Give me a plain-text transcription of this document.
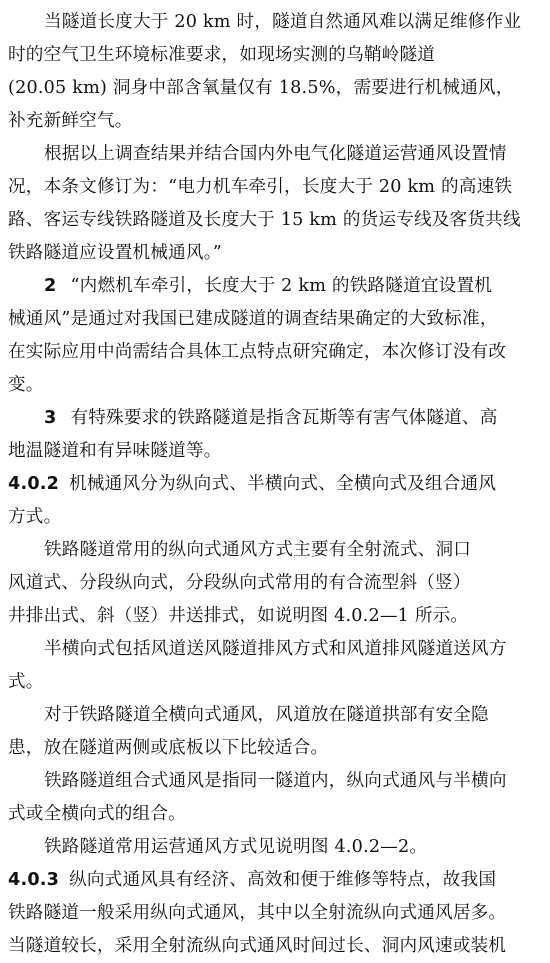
当隧道长度大于 20 km 时，隧道自然通风难以满足维修作业
时的空气卫生环境标准要求，如现场实测的乌鞘岭隧道
(20.05 km) 洞身中部含氧量仅有 18.5%，需要进行机械通风，
补充新鲜空气。
根据以上调查结果并结合国内外电气化隧道运营通风设置情
况，本条文修订为：“电力机车牵引，长度大于 20 km 的高速铁
路、客运专线铁路隧道及长度大于 15 km 的货运专线及客货共线
铁路隧道应设置机械通风。”
2 “内燃机车牵引，长度大于 2 km 的铁路隧道宜设置机
械通风”是通过对我国已建成隧道的调查结果确定的大致标准，
在实际应用中尚需结合具体工点特点研究确定，本次修订没有改
变。
3 有特殊要求的铁路隧道是指含瓦斯等有害气体隧道、高
地温隧道和有异味隧道等。
4.0.2 机械通风分为纵向式、半横向式、全横向式及组合通风
方式。
铁路隧道常用的纵向式通风方式主要有全射流式、洞口
风道式、分段纵向式，分段纵向式常用的有合流型斜（竖）
井排出式、斜（竖）井送排式，如说明图 4.0.2—1 所示。
半横向式包括风道送风隧道排风方式和风道排风隧道送风方
式。
对于铁路隧道全横向式通风，风道放在隧道拱部有安全隐
患，放在隧道两侧或底板以下比较适合。
铁路隧道组合式通风是指同一隧道内，纵向式通风与半横向
式或全横向式的组合。
铁路隧道常用运营通风方式见说明图 4.0.2—2。
4.0.3 纵向式通风具有经济、高效和便于维修等特点，故我国
铁路隧道一般采用纵向式通风，其中以全射流纵向式通风居多。
当隧道较长，采用全射流纵向式通风时间过长、洞内风速或装机
